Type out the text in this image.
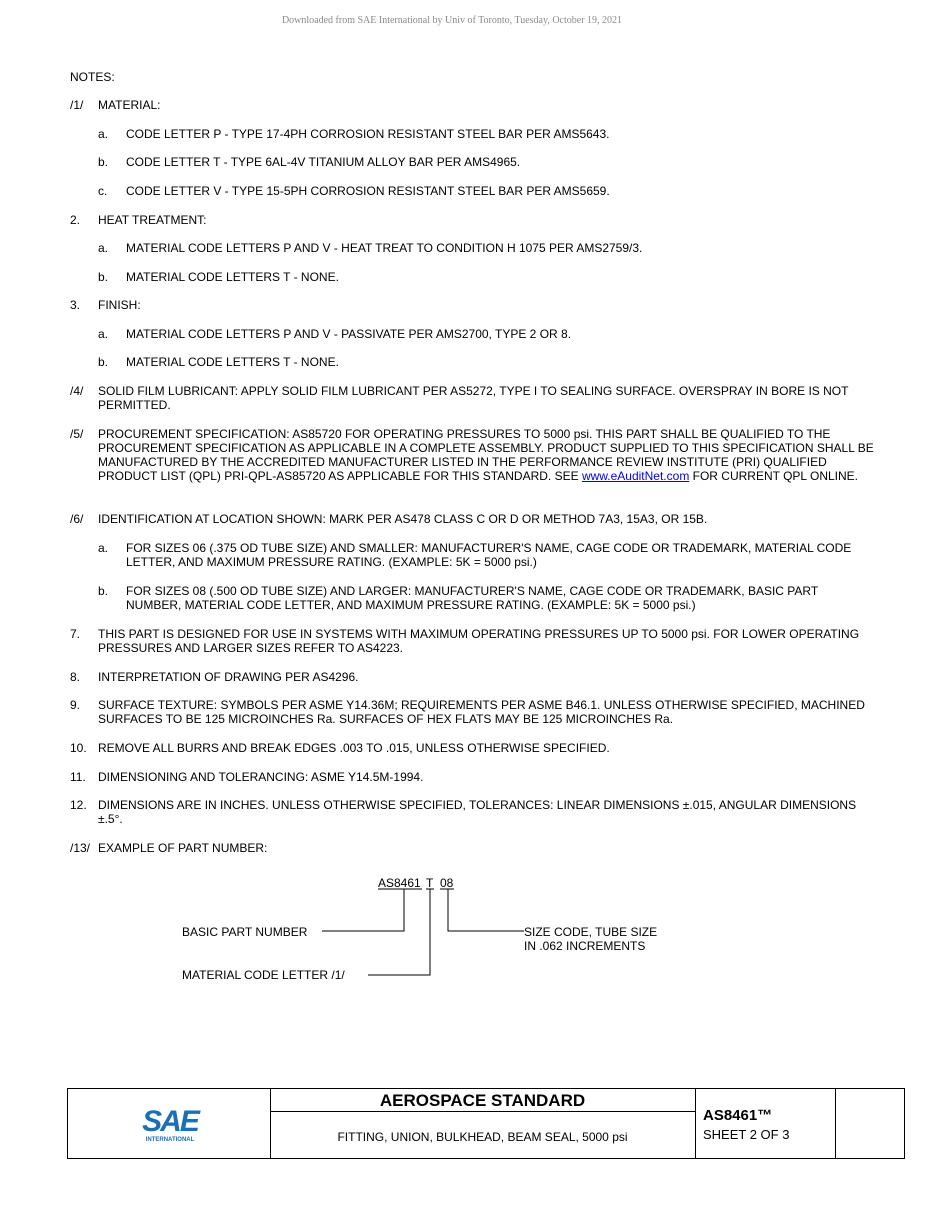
Downloaded from SAE International by Univ of Toronto, Tuesday, October 19, 2021
NOTES:
/1/ MATERIAL:
a. CODE LETTER P - TYPE 17-4PH CORROSION RESISTANT STEEL BAR PER AMS5643.
b. CODE LETTER T - TYPE 6AL-4V TITANIUM ALLOY BAR PER AMS4965.
c. CODE LETTER V - TYPE 15-5PH CORROSION RESISTANT STEEL BAR PER AMS5659.
2. HEAT TREATMENT:
a. MATERIAL CODE LETTERS P AND V - HEAT TREAT TO CONDITION H 1075 PER AMS2759/3.
b. MATERIAL CODE LETTERS T - NONE.
3. FINISH:
a. MATERIAL CODE LETTERS P AND V - PASSIVATE PER AMS2700, TYPE 2 OR 8.
b. MATERIAL CODE LETTERS T - NONE.
/4/ SOLID FILM LUBRICANT: APPLY SOLID FILM LUBRICANT PER AS5272, TYPE I TO SEALING SURFACE. OVERSPRAY IN BORE IS NOT PERMITTED.
/5/ PROCUREMENT SPECIFICATION: AS85720 FOR OPERATING PRESSURES TO 5000 psi. THIS PART SHALL BE QUALIFIED TO THE PROCUREMENT SPECIFICATION AS APPLICABLE IN A COMPLETE ASSEMBLY. PRODUCT SUPPLIED TO THIS SPECIFICATION SHALL BE MANUFACTURED BY THE ACCREDITED MANUFACTURER LISTED IN THE PERFORMANCE REVIEW INSTITUTE (PRI) QUALIFIED PRODUCT LIST (QPL) PRI-QPL-AS85720 AS APPLICABLE FOR THIS STANDARD. SEE www.eAuditNet.com FOR CURRENT QPL ONLINE.
/6/ IDENTIFICATION AT LOCATION SHOWN: MARK PER AS478 CLASS C OR D OR METHOD 7A3, 15A3, OR 15B.
a. FOR SIZES 06 (.375 OD TUBE SIZE) AND SMALLER: MANUFACTURER'S NAME, CAGE CODE OR TRADEMARK, MATERIAL CODE LETTER, AND MAXIMUM PRESSURE RATING. (EXAMPLE: 5K = 5000 psi.)
b. FOR SIZES 08 (.500 OD TUBE SIZE) AND LARGER: MANUFACTURER'S NAME, CAGE CODE OR TRADEMARK, BASIC PART NUMBER, MATERIAL CODE LETTER, AND MAXIMUM PRESSURE RATING. (EXAMPLE: 5K = 5000 psi.)
7. THIS PART IS DESIGNED FOR USE IN SYSTEMS WITH MAXIMUM OPERATING PRESSURES UP TO 5000 psi. FOR LOWER OPERATING PRESSURES AND LARGER SIZES REFER TO AS4223.
8. INTERPRETATION OF DRAWING PER AS4296.
9. SURFACE TEXTURE: SYMBOLS PER ASME Y14.36M; REQUIREMENTS PER ASME B46.1. UNLESS OTHERWISE SPECIFIED, MACHINED SURFACES TO BE 125 MICROINCHES Ra. SURFACES OF HEX FLATS MAY BE 125 MICROINCHES Ra.
10. REMOVE ALL BURRS AND BREAK EDGES .003 TO .015, UNLESS OTHERWISE SPECIFIED.
11. DIMENSIONING AND TOLERANCING: ASME Y14.5M-1994.
12. DIMENSIONS ARE IN INCHES. UNLESS OTHERWISE SPECIFIED, TOLERANCES: LINEAR DIMENSIONS ±.015, ANGULAR DIMENSIONS ±.5°.
/13/ EXAMPLE OF PART NUMBER:
AS8461 T 08
BASIC PART NUMBER
MATERIAL CODE LETTER /1/
SIZE CODE, TUBE SIZE
IN .062 INCREMENTS
SAE
INTERNATIONAL
AEROSPACE STANDARD
FITTING, UNION, BULKHEAD, BEAM SEAL, 5000 psi
AS8461™
SHEET 2 OF 3
